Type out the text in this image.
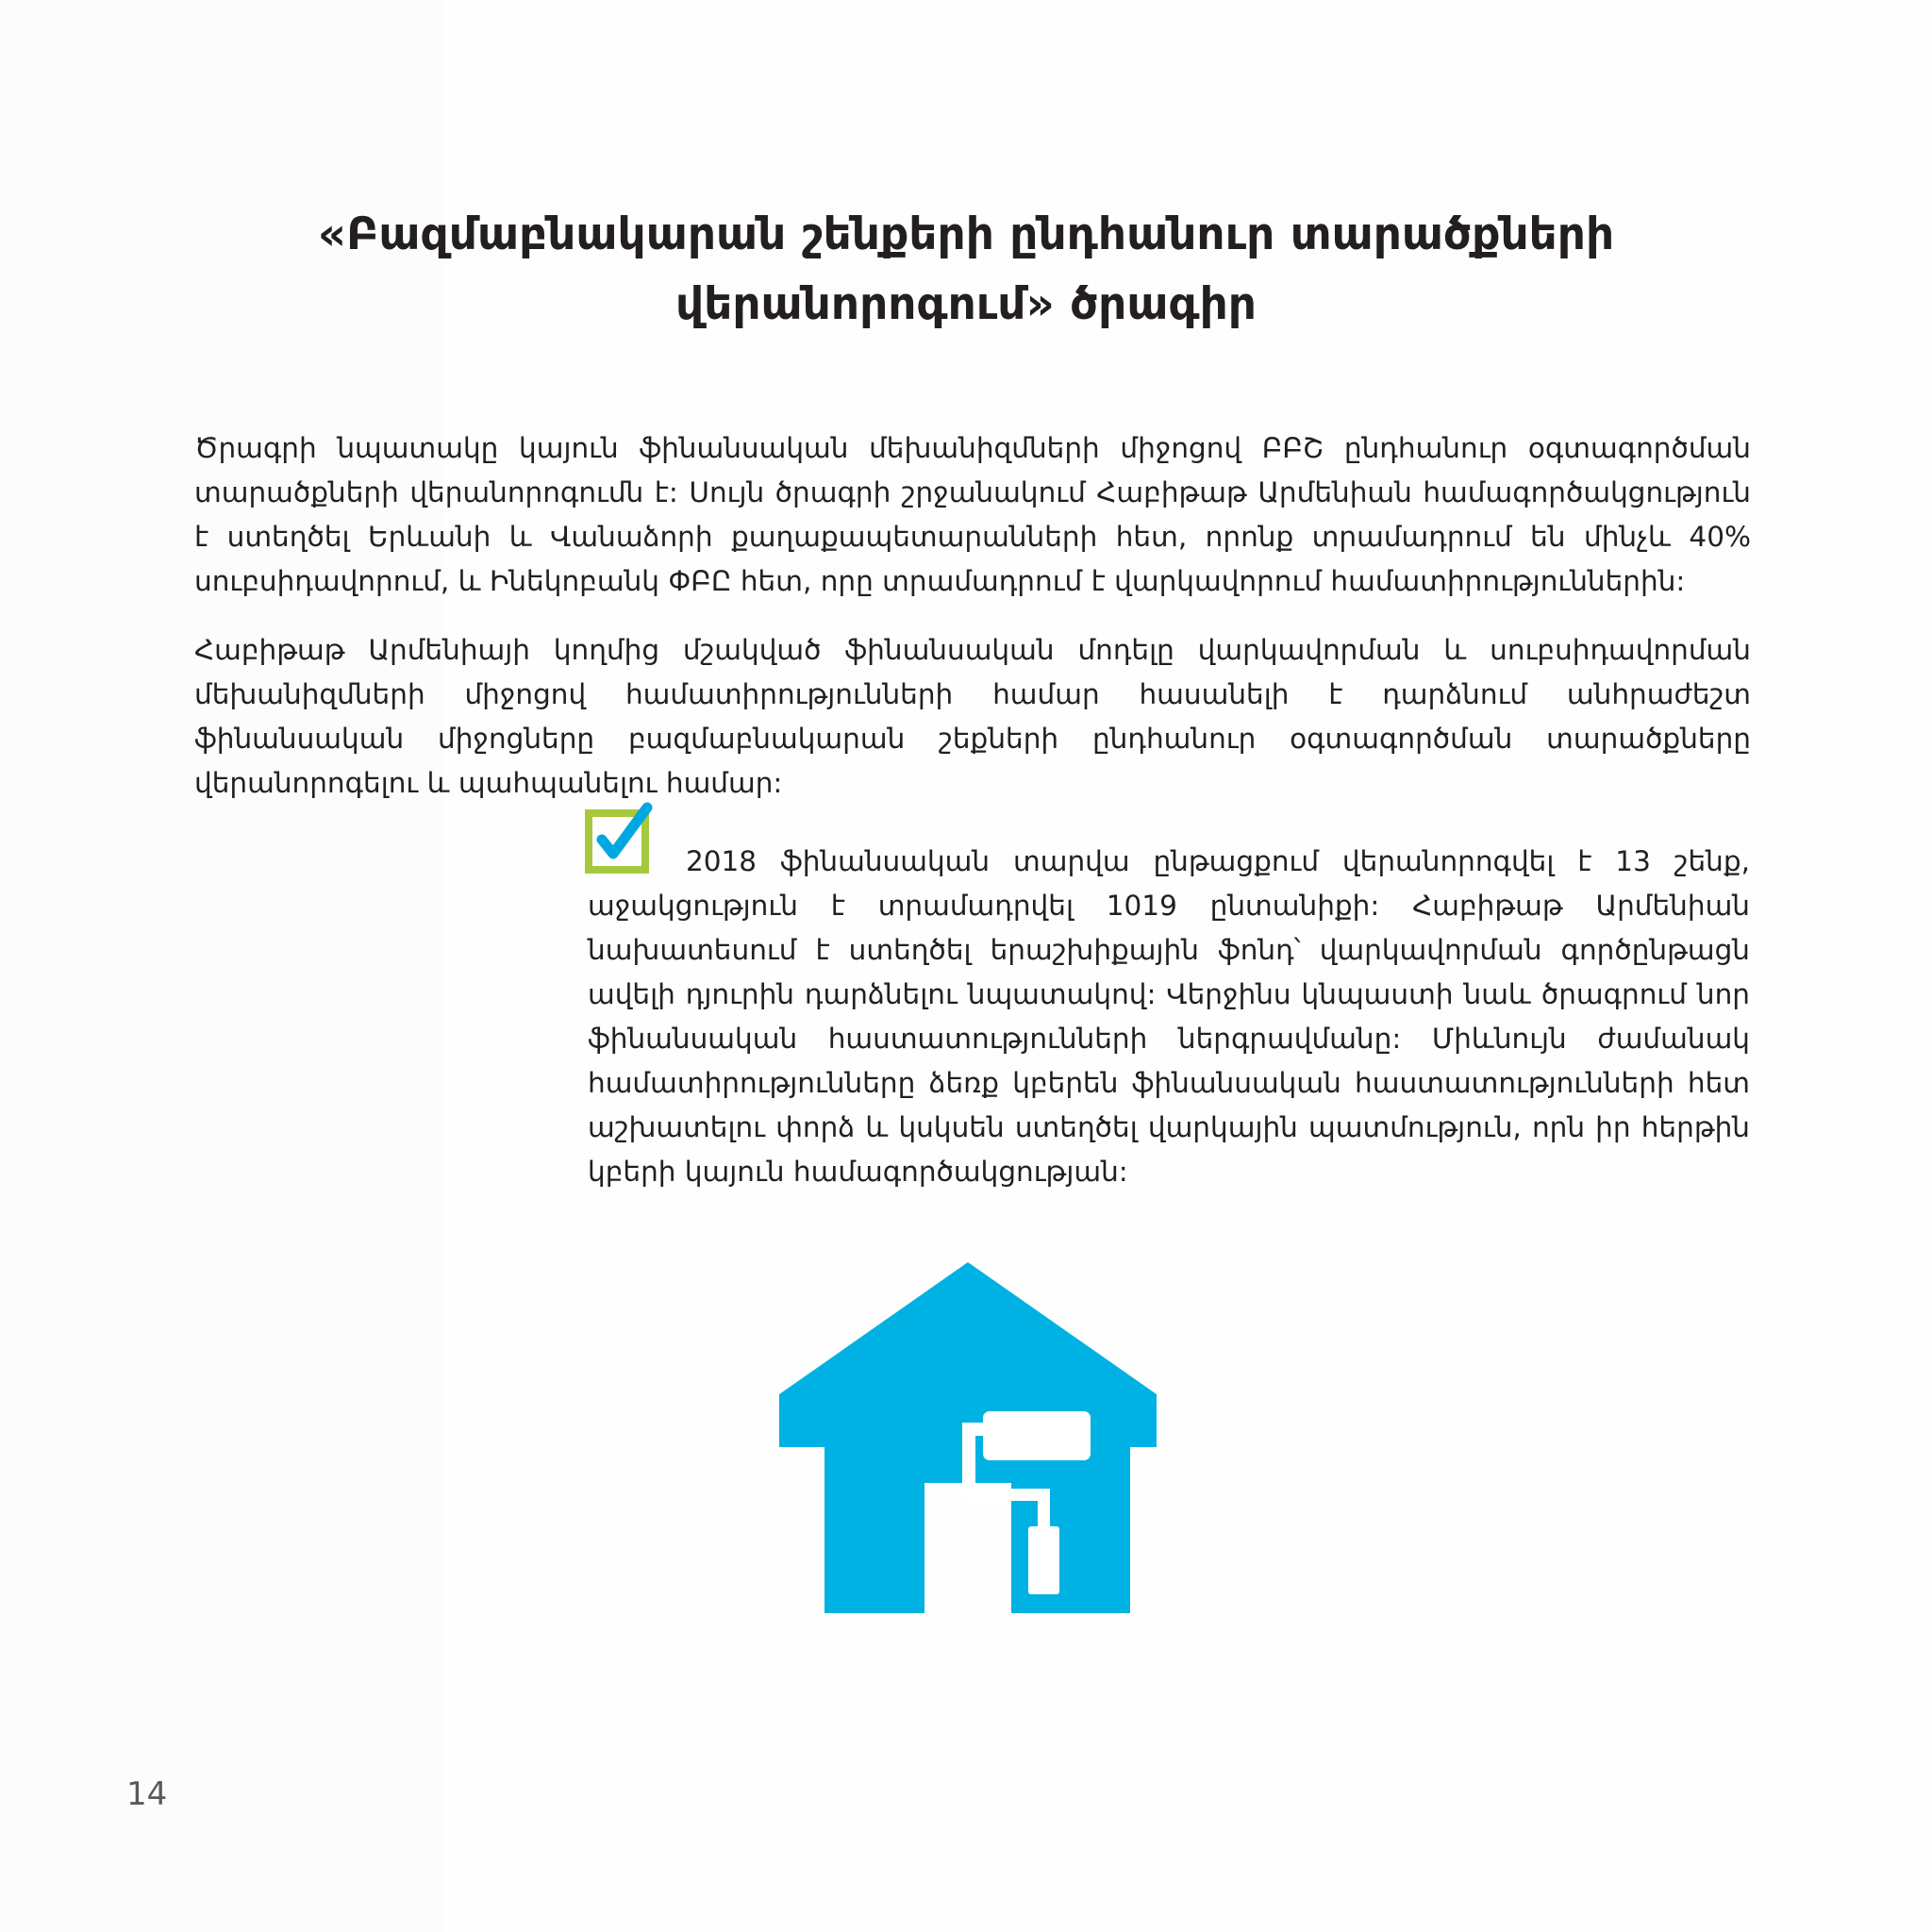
«Բազմաբնակարան շենքերի ընդհանուր տարածքների
վերանորոգում» ծրագիր

Ծրագրի նպատակը կայուն ֆինանսական մեխանիզմների միջոցով ԲԲՇ ընդհանուր օգտագործման տարածքների վերանորոգումն է: Սույն ծրագրի շրջանակում Հաբիթաթ Արմենիան համագործակցություն է ստեղծել Երևանի և Վանաձորի քաղաքապետարանների հետ, որոնք տրամադրում են մինչև 40% սուբսիդավորում, և Ինեկոբանկ ՓԲԸ հետ, որը տրամադրում է վարկավորում համատիրություններին:

Հաբիթաթ Արմենիայի կողմից մշակված ֆինանսական մոդելը վարկավորման և սուբսիդավորման մեխանիզմների միջոցով համատիրությունների համար հասանելի է դարձնում անհրաժեշտ ֆինանսական միջոցները բազմաբնակարան շեքների ընդհանուր օգտագործման տարածքները վերանորոգելու և պահպանելու համար:

2018 ֆինանսական տարվա ընթացքում վերանորոգվել է 13 շենք, աջակցություն է տրամադրվել 1019 ընտանիքի: Հաբիթաթ Արմենիան նախատեսում է ստեղծել երաշխիքային ֆոնդ՝ վարկավորման գործընթացն ավելի դյուրին դարձնելու նպատակով: Վերջինս կնպաստի նաև ծրագրում նոր ֆինանսական հաստատությունների ներգրավմանը: Միևնույն ժամանակ համատիրությունները ձեռք կբերեն ֆինանսական հաստատությունների հետ աշխատելու փորձ և կսկսեն ստեղծել վարկային պատմություն, որն իր հերթին կբերի կայուն համագործակցության:

14
